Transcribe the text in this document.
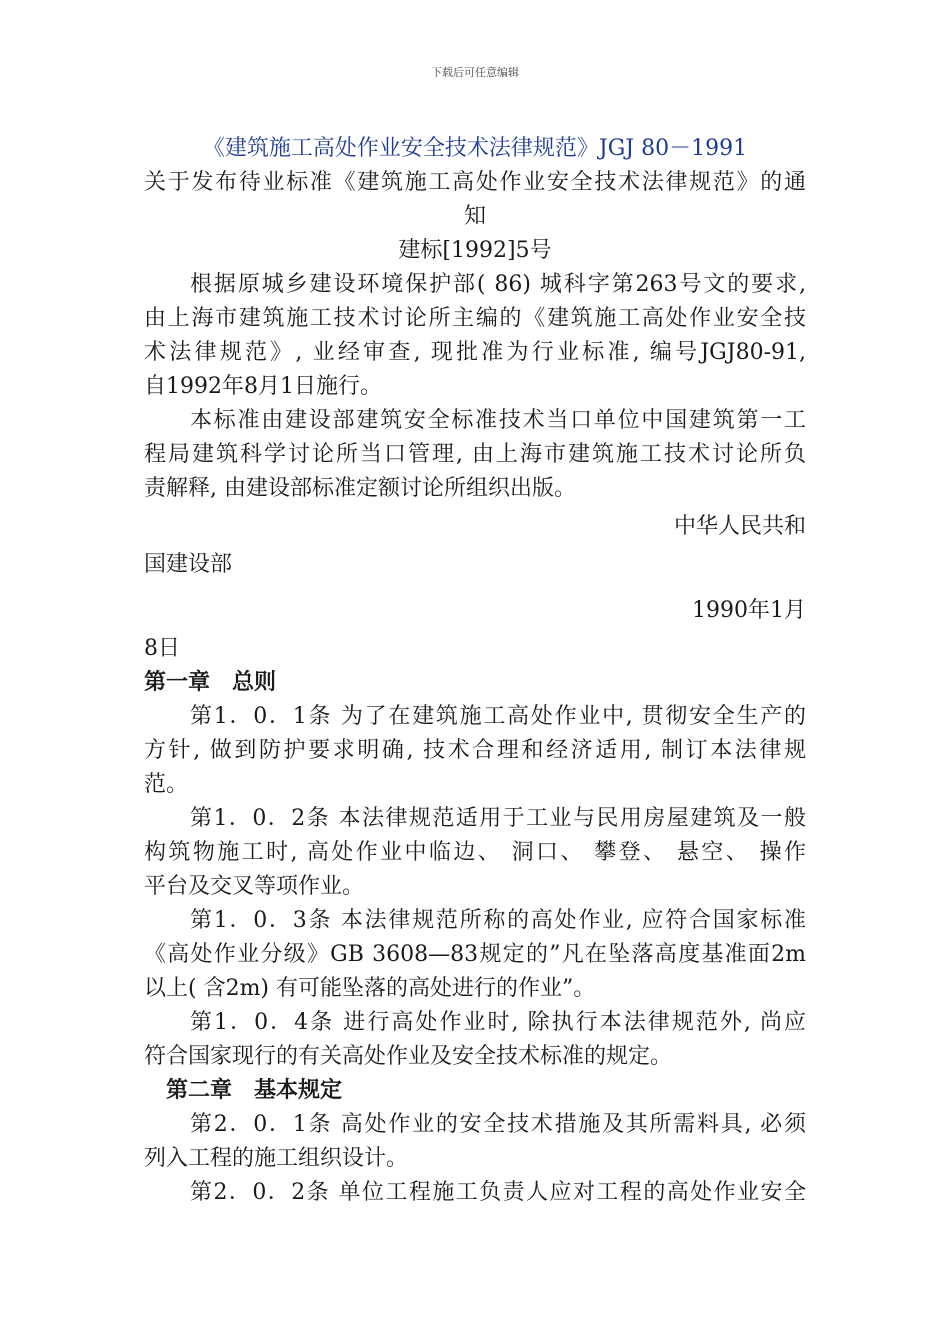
下载后可任意编辑
《建筑施工高处作业安全技术法律规范》JGJ 80－1991
关于发布待业标准《建筑施工高处作业安全技术法律规范》的通
知
建标[1992]5号
根据原城乡建设环境保护部( 86) 城科字第263号文的要求,
由上海市建筑施工技术讨论所主编的《建筑施工高处作业安全技
术法律规范》, 业经审查, 现批准为行业标准, 编号JGJ80-91,
自1992年8月1日施行。
本标准由建设部建筑安全标准技术当口单位中国建筑第一工
程局建筑科学讨论所当口管理, 由上海市建筑施工技术讨论所负
责解释, 由建设部标准定额讨论所组织出版。
中华人民共和
国建设部
1990年1月
8日
第一章　总则
第1．0．1条 为了在建筑施工高处作业中, 贯彻安全生产的
方针, 做到防护要求明确, 技术合理和经济适用, 制订本法律规
范。
第1．0．2条 本法律规范适用于工业与民用房屋建筑及一般
构筑物施工时, 高处作业中临边、 洞口、 攀登、 悬空、 操作
平台及交叉等项作业。
第1．0．3条 本法律规范所称的高处作业, 应符合国家标准
《高处作业分级》GB 3608—83规定的”凡在坠落高度基准面2m
以上( 含2m) 有可能坠落的高处进行的作业”。
第1．0．4条 进行高处作业时, 除执行本法律规范外, 尚应
符合国家现行的有关高处作业及安全技术标准的规定。
第二章　基本规定
第2．0．1条 高处作业的安全技术措施及其所需料具, 必须
列入工程的施工组织设计。
第2．0．2条 单位工程施工负责人应对工程的高处作业安全
